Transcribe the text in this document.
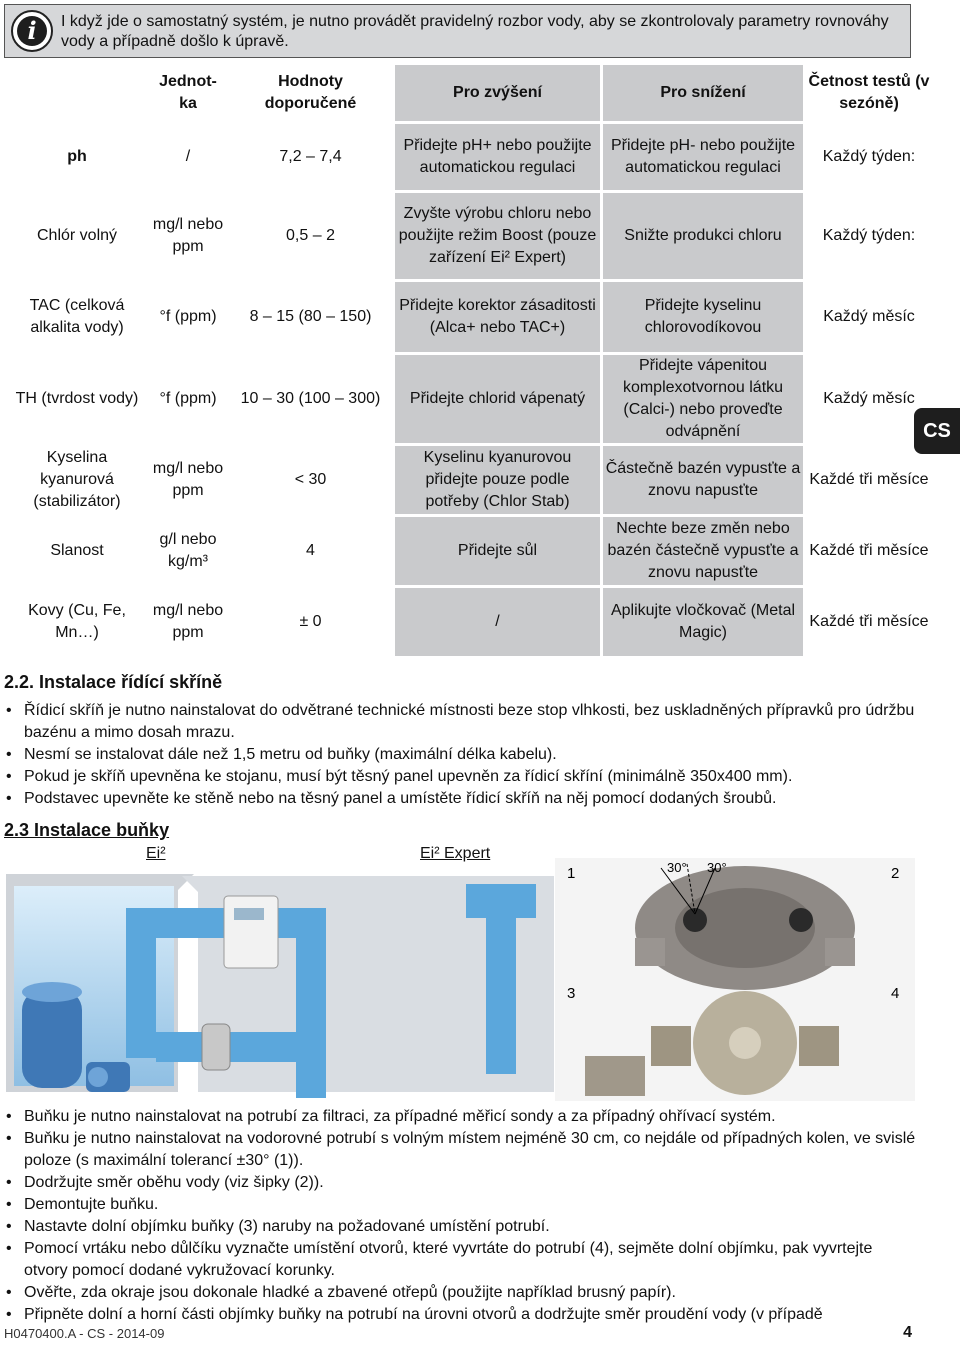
i	I když jde o samostatný systém, je nutno provádět pravidelný rozbor vody, aby se zkontrolovaly parametry rovnováhy vody a případně došlo k úpravě.
	Jednot-ka	Hodnoty doporučené	Pro zvýšení	Pro snížení	Četnost testů (v sezóně)
ph	/	7,2 – 7,4	Přidejte pH+ nebo použijte automatickou regulaci	Přidejte pH- nebo použijte automatickou regulaci	Každý týden:
Chlór volný	mg/l nebo ppm	0,5 – 2	Zvyšte výrobu chloru nebo použijte režim Boost (pouze zařízení Ei² Expert)	Snižte produkci chloru	Každý týden:
TAC (celková alkalita vody)	°f (ppm)	8 – 15 (80 – 150)	Přidejte korektor zásaditosti (Alca+ nebo TAC+)	Přidejte kyselinu chlorovodíkovou	Každý měsíc
TH (tvrdost vody)	°f (ppm)	10 – 30 (100 – 300)	Přidejte chlorid vápenatý	Přidejte vápenitou komplexotvornou látku (Calci-) nebo proveďte odvápnění	Každý měsíc
Kyselina kyanurová (stabilizátor)	mg/l nebo ppm	< 30	Kyselinu kyanurovou přidejte pouze podle potřeby (Chlor Stab)	Částečně bazén vypusťte a znovu napusťte	Každé tři měsíce
Slanost	g/l nebo kg/m³	4	Přidejte sůl	Nechte beze změn nebo bazén částečně vypusťte a znovu napusťte	Každé tři měsíce
Kovy (Cu, Fe, Mn…)	mg/l nebo ppm	± 0	/	Aplikujte vločkovač (Metal Magic)	Každé tři měsíce
CS
2.2. Instalace řídící skříně
• Řídicí skříň je nutno nainstalovat do odvětrané technické místnosti beze stop vlhkosti, bez uskladněných přípravků pro údržbu bazénu a mimo dosah mrazu.
• Nesmí se instalovat dále než 1,5 metru od buňky (maximální délka kabelu).
• Pokud je skříň upevněna ke stojanu, musí být těsný panel upevněn za řídicí skříní (minimálně 350x400 mm).
• Podstavec upevněte ke stěně nebo na těsný panel a umístěte řídicí skříň na něj pomocí dodaných šroubů.
2.3 Instalace buňky
Ei²	Ei² Expert
1	30° 30°	2
3	4
• Buňku je nutno nainstalovat na potrubí za filtraci, za případné měřicí sondy a za případný ohřívací systém.
• Buňku je nutno nainstalovat na vodorovné potrubí s volným místem nejméně 30 cm, co nejdále od případných kolen, ve svislé poloze (s maximální tolerancí ±30° (1)).
• Dodržujte směr oběhu vody (viz šipky (2)).
• Demontujte buňku.
• Nastavte dolní objímku buňky (3) naruby na požadované umístění potrubí.
• Pomocí vrtáku nebo důlčíku vyznačte umístění otvorů, které vyvrtáte do potrubí (4), sejměte dolní objímku, pak vyvrtejte otvory pomocí dodané vykružovací korunky.
• Ověřte, zda okraje jsou dokonale hladké a zbavené otřepů (použijte například brusný papír).
• Připněte dolní a horní části objímky buňky na potrubí na úrovni otvorů a dodržujte směr proudění vody (v případě
H0470400.A - CS - 2014-09	4
